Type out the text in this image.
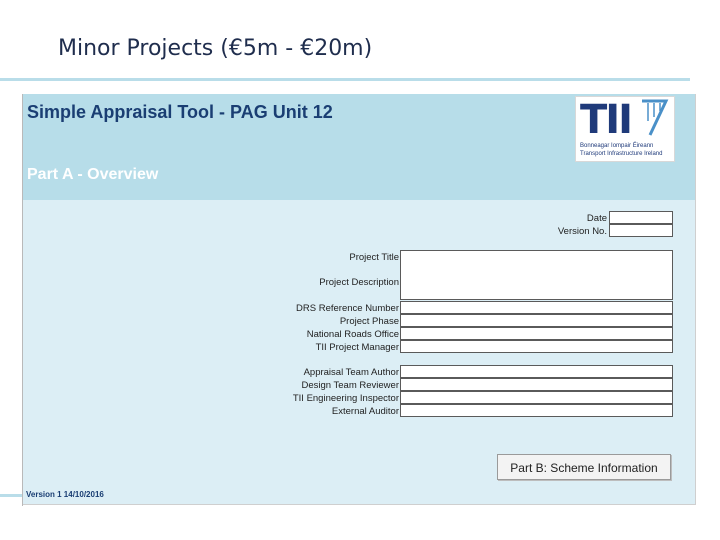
Minor Projects (€5m - €20m)
Simple Appraisal Tool - PAG Unit 12
Part A - Overview
TII
Bonneagar Iompair Éireann
Transport Infrastructure Ireland
Date
Version No.
Project Title
Project Description
DRS Reference Number
Project Phase
National Roads Office
TII Project Manager
Appraisal Team Author
Design Team Reviewer
TII Engineering Inspector
External Auditor
Part B: Scheme Information
Version 1 14/10/2016
